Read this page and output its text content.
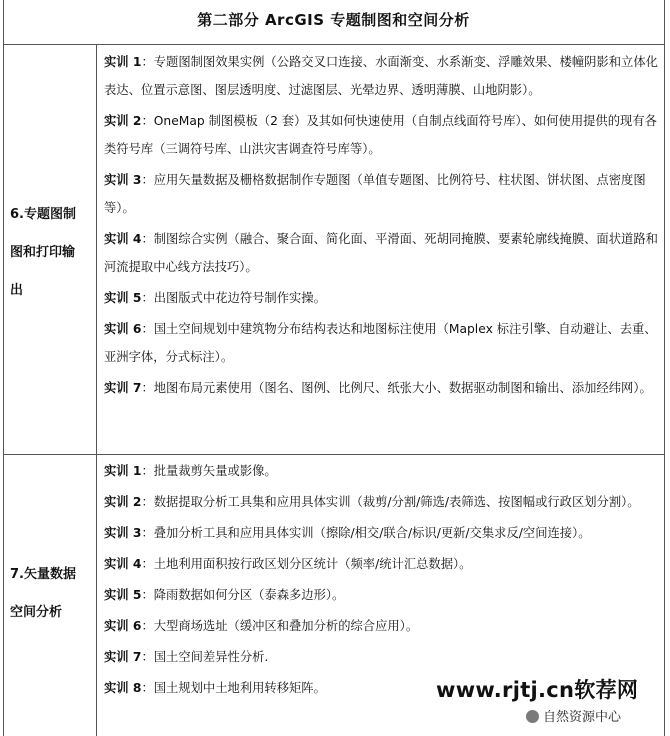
第二部分 ArcGIS 专题制图和空间分析
6.专题图制
图和打印输
出
实训 1：专题图制图效果实例（公路交叉口连接、水面渐变、水系渐变、浮雕效果、楼幢阴影和立体化表达、位置示意图、图层透明度、过滤图层、光晕边界、透明薄膜、山地阴影）。
实训 2：OneMap 制图模板（2 套）及其如何快速使用（自制点线面符号库）、如何使用提供的现有各类符号库（三调符号库、山洪灾害调查符号库等）。
实训 3：应用矢量数据及栅格数据制作专题图（单值专题图、比例符号、柱状图、饼状图、点密度图等）。
实训 4：制图综合实例（融合、聚合面、简化面、平滑面、死胡同掩膜、要素轮廓线掩膜、面状道路和河流提取中心线方法技巧）。
实训 5：出图版式中花边符号制作实操。
实训 6：国土空间规划中建筑物分布结构表达和地图标注使用（Maplex 标注引擎、自动避让、去重、亚洲字体，分式标注）。
实训 7：地图布局元素使用（图名、图例、比例尺、纸张大小、数据驱动制图和输出、添加经纬网）。
7.矢量数据
空间分析
实训 1：批量裁剪矢量或影像。
实训 2：数据提取分析工具集和应用具体实训（裁剪/分割/筛选/表筛选、按图幅或行政区划分割）。
实训 3：叠加分析工具和应用具体实训（擦除/相交/联合/标识/更新/交集求反/空间连接）。
实训 4：土地利用面积按行政区划分区统计（频率/统计汇总数据）。
实训 5：降雨数据如何分区（泰森多边形）。
实训 6：大型商场选址（缓冲区和叠加分析的综合应用）。
实训 7：国土空间差异性分析.
实训 8：国土规划中土地利用转移矩阵。	www.rjtj.cn软荐网
自然资源中心
